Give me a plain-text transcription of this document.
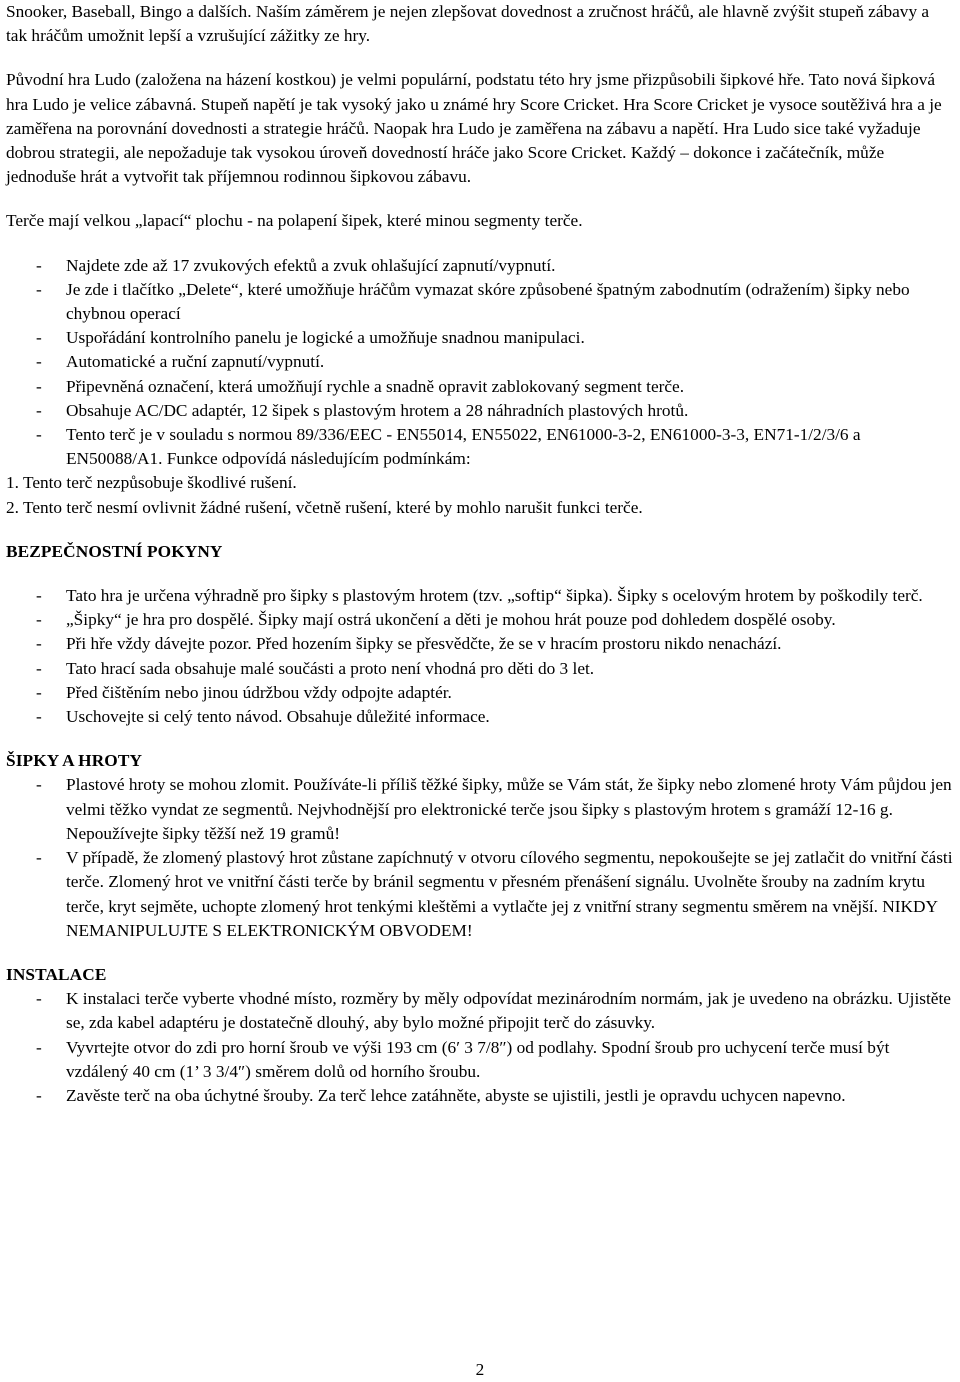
Snooker, Baseball, Bingo a dalších. Naším záměrem je nejen zlepšovat dovednost a zručnost hráčů, ale hlavně zvýšit stupeň zábavy a tak hráčům umožnit lepší a vzrušující zážitky ze hry.

Původní hra Ludo (založena na házení kostkou) je velmi populární, podstatu této hry jsme přizpůsobili šipkové hře. Tato nová šipková hra Ludo je velice zábavná. Stupeň napětí je tak vysoký jako u známé hry Score Cricket. Hra Score Cricket je vysoce soutěživá hra a je zaměřena na porovnání dovednosti a strategie hráčů. Naopak hra Ludo je zaměřena na zábavu a napětí. Hra Ludo sice také vyžaduje dobrou strategii, ale nepožaduje tak vysokou úroveň dovedností hráče jako Score Cricket. Každý – dokonce i začátečník, může jednoduše hrát a vytvořit tak příjemnou rodinnou šipkovou zábavu.

Terče mají velkou „lapací“ plochu - na polapení šipek, které minou segmenty terče.

- Najdete zde až 17 zvukových efektů a zvuk ohlašující zapnutí/vypnutí.
- Je zde i tlačítko „Delete“, které umožňuje hráčům vymazat skóre způsobené špatným zabodnutím (odražením) šipky nebo chybnou operací
- Uspořádání kontrolního panelu je logické a umožňuje snadnou manipulaci.
- Automatické a ruční zapnutí/vypnutí.
- Připevněná označení, která umožňují rychle a snadně opravit zablokovaný segment terče.
- Obsahuje AC/DC adaptér, 12 šipek s plastovým hrotem a 28 náhradních plastových hrotů.
- Tento terč je v souladu s normou 89/336/EEC - EN55014, EN55022, EN61000-3-2, EN61000-3-3, EN71-1/2/3/6 a EN50088/A1. Funkce odpovídá následujícím podmínkám:

1. Tento terč nezpůsobuje škodlivé rušení.

2. Tento terč nesmí ovlivnit žádné rušení, včetně rušení, které by mohlo narušit funkci terče.

BEZPEČNOSTNÍ POKYNY

- Tato hra je určena výhradně pro šipky s plastovým hrotem (tzv. „softip“ šipka). Šipky s ocelovým hrotem by poškodily terč.
- „Šipky“ je hra pro dospělé. Šipky mají ostrá ukončení a děti je mohou hrát pouze pod dohledem dospělé osoby.
- Při hře vždy dávejte pozor. Před hozením šipky se přesvědčte, že se v hracím prostoru nikdo nenachází.
- Tato hrací sada obsahuje malé součásti a proto není vhodná pro děti do 3 let.
- Před čištěním nebo jinou údržbou vždy odpojte adaptér.
- Uschovejte si celý tento návod. Obsahuje důležité informace.

ŠIPKY A HROTY

- Plastové hroty se mohou zlomit. Používáte-li příliš těžké šipky, může se Vám stát, že šipky nebo zlomené hroty Vám půjdou jen velmi těžko vyndat ze segmentů. Nejvhodnější pro elektronické terče jsou šipky s plastovým hrotem s gramáží 12-16 g. Nepoužívejte šipky těžší než 19 gramů!
- V případě, že zlomený plastový hrot zůstane zapíchnutý v otvoru cílového segmentu, nepokoušejte se jej zatlačit do vnitřní části terče. Zlomený hrot ve vnitřní části terče by bránil segmentu v přesném přenášení signálu. Uvolněte šrouby na zadním krytu terče, kryt sejměte, uchopte zlomený hrot tenkými kleštěmi a vytlačte jej z vnitřní strany segmentu směrem na vnější. NIKDY NEMANIPULUJTE S ELEKTRONICKÝM OBVODEM!

INSTALACE

- K instalaci terče vyberte vhodné místo, rozměry by měly odpovídat mezinárodním normám, jak je uvedeno na obrázku. Ujistěte se, zda kabel adaptéru je dostatečně dlouhý, aby bylo možné připojit terč do zásuvky.
- Vyvrtejte otvor do zdi pro horní šroub ve výši 193 cm (6′ 3 7/8″) od podlahy. Spodní šroub pro uchycení terče musí být vzdálený 40 cm (1’ 3 3/4″) směrem dolů od horního šroubu.
- Zavěste terč na oba úchytné šrouby. Za terč lehce zatáhněte, abyste se ujistili, jestli je opravdu uchycen napevno.
2
